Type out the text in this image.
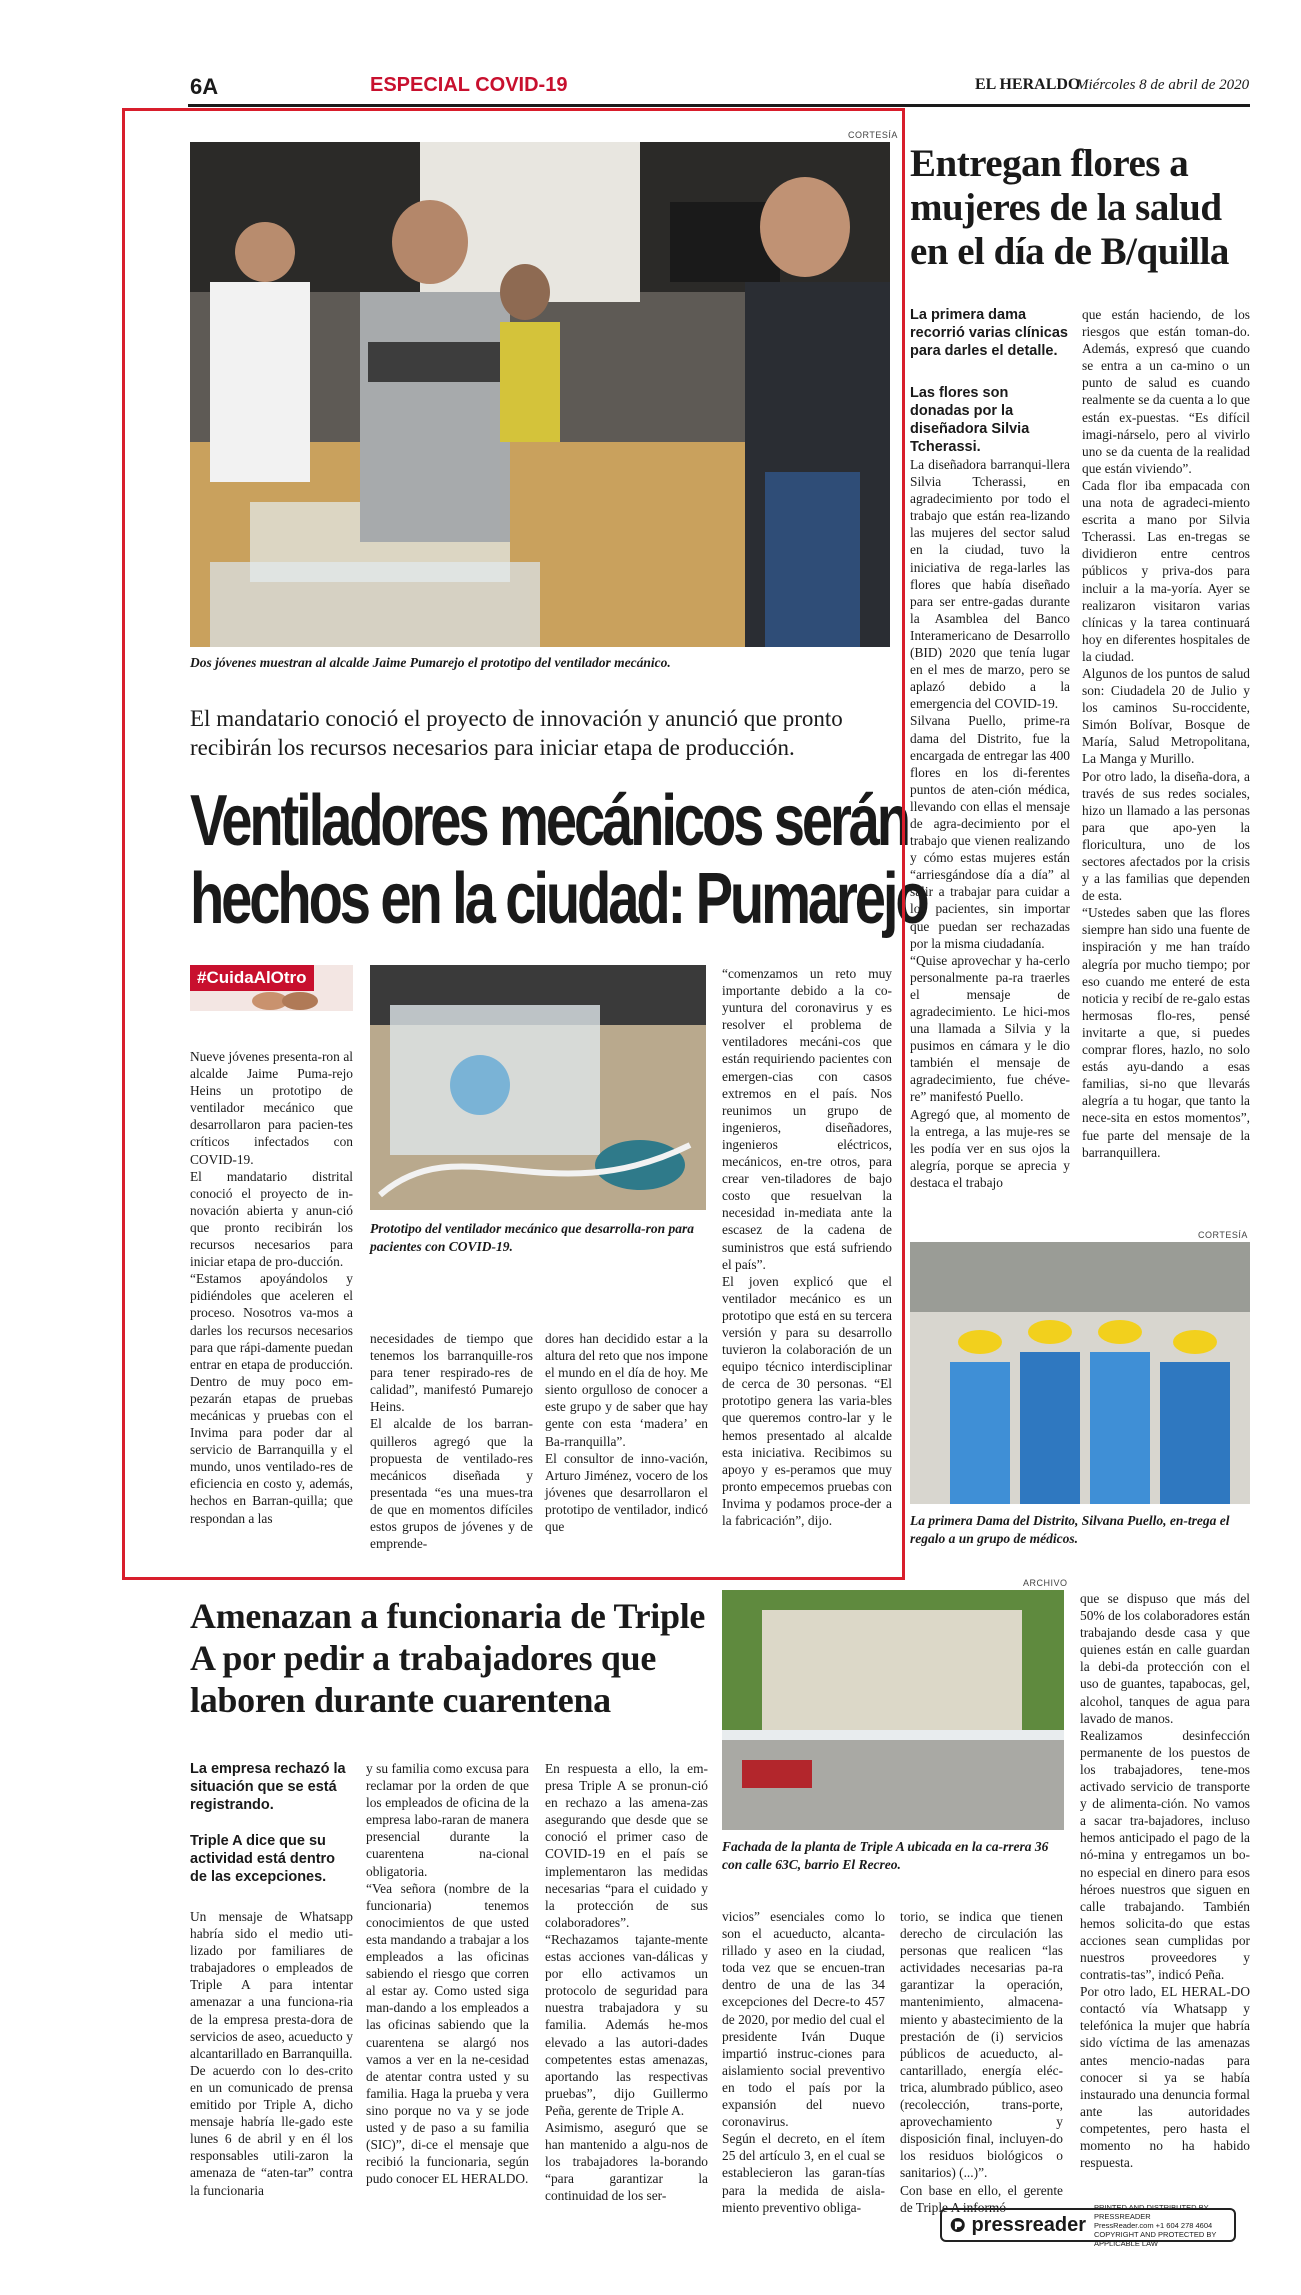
6A	ESPECIAL COVID-19	EL HERALDO
Miércoles 8 de abril de 2020
CORTESÍA
Dos jóvenes muestran al alcalde Jaime Pumarejo el prototipo del ventilador mecánico.
El mandatario conoció el proyecto de innovación y anunció que pronto recibirán los recursos necesarios para iniciar etapa de producción.
Ventiladores mecánicos serán
hechos en la ciudad: Pumarejo
#CuidaAlOtro
Prototipo del ventilador mecánico que desarrolla-ron para pacientes con COVID-19.
Nueve jóvenes presenta-ron al alcalde Jaime Puma-rejo Heins un prototipo de ventilador mecánico que desarrollaron para pacien-tes críticos infectados con COVID-19.
El mandatario distrital conoció el proyecto de in-novación abierta y anun-ció que pronto recibirán los recursos necesarios para iniciar etapa de pro-ducción.
“Estamos apoyándolos y pidiéndoles que aceleren el proceso. Nosotros va-mos a darles los recursos necesarios para que rápi-damente puedan entrar en etapa de producción. Dentro de muy poco em-pezarán etapas de pruebas mecánicas y pruebas con el Invima para poder dar al servicio de Barranquilla y el mundo, unos ventilado-res de eficiencia en costo y, además, hechos en Barran-quilla; que respondan a las
necesidades de tiempo que tenemos los barranquille-ros para tener respirado-res de calidad”, manifestó Pumarejo Heins.
El alcalde de los barran-quilleros agregó que la propuesta de ventilado-res mecánicos diseñada y presentada “es una mues-tra de que en momentos difíciles estos grupos de jóvenes y de emprende-
dores han decidido estar a la altura del reto que nos impone el mundo en el día de hoy. Me siento orgulloso de conocer a este grupo y de saber que hay gente con esta ‘madera’ en Ba-rranquilla”.
El consultor de inno-vación, Arturo Jiménez, vocero de los jóvenes que desarrollaron el prototipo de ventilador, indicó que
“comenzamos un reto muy importante debido a la co-yuntura del coronavirus y es resolver el problema de ventiladores mecáni-cos que están requiriendo pacientes con emergen-cias con casos extremos en el país. Nos reunimos un grupo de ingenieros, diseñadores, ingenieros eléctricos, mecánicos, en-tre otros, para crear ven-tiladores de bajo costo que resuelvan la necesidad in-mediata ante la escasez de la cadena de suministros que está sufriendo el país”.
El joven explicó que el ventilador mecánico es un prototipo que está en su tercera versión y para su desarrollo tuvieron la colaboración de un equipo técnico interdisciplinar de cerca de 30 personas. “El prototipo genera las varia-bles que queremos contro-lar y le hemos presentado al alcalde esta iniciativa. Recibimos su apoyo y es-peramos que muy pronto empecemos pruebas con Invima y podamos proce-der a la fabricación”, dijo.
Entregan flores a mujeres de la salud en el día de B/quilla
La primera dama recorrió varias clínicas para darles el detalle.
Las flores son donadas por la diseñadora Silvia Tcherassi.
La diseñadora barranqui-llera Silvia Tcherassi, en agradecimiento por todo el trabajo que están rea-lizando las mujeres del sector salud en la ciudad, tuvo la iniciativa de rega-larles las flores que había diseñado para ser entre-gadas durante la Asamblea del Banco Interamericano de Desarrollo (BID) 2020 que tenía lugar en el mes de marzo, pero se aplazó debido a la emergencia del COVID-19.
Silvana Puello, prime-ra dama del Distrito, fue la encargada de entregar las 400 flores en los di-ferentes puntos de aten-ción médica, llevando con ellas el mensaje de agra-decimiento por el trabajo que vienen realizando y cómo estas mujeres están “arriesgándose día a día” al salir a trabajar para cuidar a los pacientes, sin importar que puedan ser rechazadas por la misma ciudadanía.
“Quise aprovechar y ha-cerlo personalmente pa-ra traerles el mensaje de agradecimiento. Le hici-mos una llamada a Silvia y la pusimos en cámara y le dio también el mensaje de agradecimiento, fue chéve-re” manifestó Puello.
Agregó que, al momento de la entrega, a las muje-res se les podía ver en sus ojos la alegría, porque se aprecia y destaca el trabajo
que están haciendo, de los riesgos que están toman-do. Además, expresó que cuando se entra a un ca-mino o un punto de salud es cuando realmente se da cuenta a lo que están ex-puestas. “Es difícil imagi-nárselo, pero al vivirlo uno se da cuenta de la realidad que están viviendo”.
Cada flor iba empacada con una nota de agradeci-miento escrita a mano por Silvia Tcherassi. Las en-tregas se dividieron entre centros públicos y priva-dos para incluir a la ma-yoría. Ayer se realizaron visitaron varias clínicas y la tarea continuará hoy en diferentes hospitales de la ciudad.
Algunos de los puntos de salud son: Ciudadela 20 de Julio y los caminos Su-roccidente, Simón Bolívar, Bosque de María, Salud Metropolitana, La Manga y Murillo.
Por otro lado, la diseña-dora, a través de sus redes sociales, hizo un llamado a las personas para que apo-yen la floricultura, uno de los sectores afectados por la crisis y a las familias que dependen de esta.
“Ustedes saben que las flores siempre han sido una fuente de inspiración y me han traído alegría por mucho tiempo; por eso cuando me enteré de esta noticia y recibí de re-galo estas hermosas flo-res, pensé invitarte a que, si puedes comprar flores, hazlo, no solo estás ayu-dando a esas familias, si-no que llevarás alegría a tu hogar, que tanto la nece-sita en estos momentos”, fue parte del mensaje de la barranquillera.
CORTESÍA
La primera Dama del Distrito, Silvana Puello, en-trega el regalo a un grupo de médicos.
Amenazan a funcionaria de Triple A por pedir a trabajadores que laboren durante cuarentena
La empresa rechazó la situación que se está registrando.
Triple A dice que su actividad está dentro de las excepciones.
ARCHIVO
Fachada de la planta de Triple A ubicada en la ca-rrera 36 con calle 63C, barrio El Recreo.
Un mensaje de Whatsapp habría sido el medio uti-lizado por familiares de trabajadores o empleados de Triple A para intentar amenazar a una funciona-ria de la empresa presta-dora de servicios de aseo, acueducto y alcantarillado en Barranquilla.
De acuerdo con lo des-crito en un comunicado de prensa emitido por Triple A, dicho mensaje habría lle-gado este lunes 6 de abril y en él los responsables utili-zaron la amenaza de “aten-tar” contra la funcionaria
y su familia como excusa para reclamar por la orden de que los empleados de oficina de la empresa labo-raran de manera presencial durante la cuarentena na-cional obligatoria.
“Vea señora (nombre de la funcionaria) tenemos conocimientos de que usted esta mandando a trabajar a los empleados a las oficinas sabiendo el riesgo que corren al estar ay. Como usted siga man-dando a los empleados a las oficinas sabiendo que la cuarentena se alargó nos vamos a ver en la ne-cesidad de atentar contra usted y su familia. Haga la prueba y vera sino porque no va y se jode usted y de paso a su familia (SIC)”, di-ce el mensaje que recibió la funcionaria, según pudo conocer EL HERALDO.
En respuesta a ello, la em-presa Triple A se pronun-ció en rechazo a las amena-zas asegurando que desde que se conoció el primer caso de COVID-19 en el país se implementaron las medidas necesarias “para el cuidado y la protección de sus colaboradores”.
“Rechazamos tajante-mente estas acciones van-dálicas y por ello activamos un protocolo de seguridad para nuestra trabajadora y su familia. Además he-mos elevado a las autori-dades competentes estas amenazas, aportando las respectivas pruebas”, dijo Guillermo Peña, gerente de Triple A.
Asimismo, aseguró que se han mantenido a algu-nos de los trabajadores la-borando “para garantizar la continuidad de los ser-
vicios” esenciales como lo son el acueducto, alcanta-rillado y aseo en la ciudad, toda vez que se encuen-tran dentro de una de las 34 excepciones del Decre-to 457 de 2020, por medio del cual el presidente Iván Duque impartió instruc-ciones para aislamiento social preventivo en todo el país por la expansión del nuevo coronavirus.
Según el decreto, en el ítem 25 del artículo 3, en el cual se establecieron las garan-tías para la medida de aisla-miento preventivo obliga-
torio, se indica que tienen derecho de circulación las personas que realicen “las actividades necesarias pa-ra garantizar la operación, mantenimiento, almacena-miento y abastecimiento de la prestación de (i) servicios públicos de acueducto, al-cantarillado, energía eléc-trica, alumbrado público, aseo (recolección, trans-porte, aprovechamiento y disposición final, incluyen-do los residuos biológicos o sanitarios) (...)”.
Con base en ello, el gerente de Triple A informó
que se dispuso que más del 50% de los colaboradores están trabajando desde casa y que quienes están en calle guardan la debi-da protección con el uso de guantes, tapabocas, gel, alcohol, tanques de agua para lavado de manos.
Realizamos desinfección permanente de los puestos de los trabajadores, tene-mos activado servicio de transporte y de alimenta-ción. No vamos a sacar tra-bajadores, incluso hemos anticipado el pago de la nó-mina y entregamos un bo-no especial en dinero para esos héroes nuestros que siguen en calle trabajando. También hemos solicita-do que estas acciones sean cumplidas por nuestros proveedores y contratis-tas”, indicó Peña.
Por otro lado, EL HERAL-DO contactó vía Whatsapp y telefónica la mujer que habría sido víctima de las amenazas antes mencio-nadas para conocer si ya se había instaurado una denuncia formal ante las autoridades competentes, pero hasta el momento no ha habido respuesta.
pressreader
PRINTED AND DISTRIBUTED BY PRESSREADER
PressReader.com +1 604 278 4604
COPYRIGHT AND PROTECTED BY APPLICABLE LAW
